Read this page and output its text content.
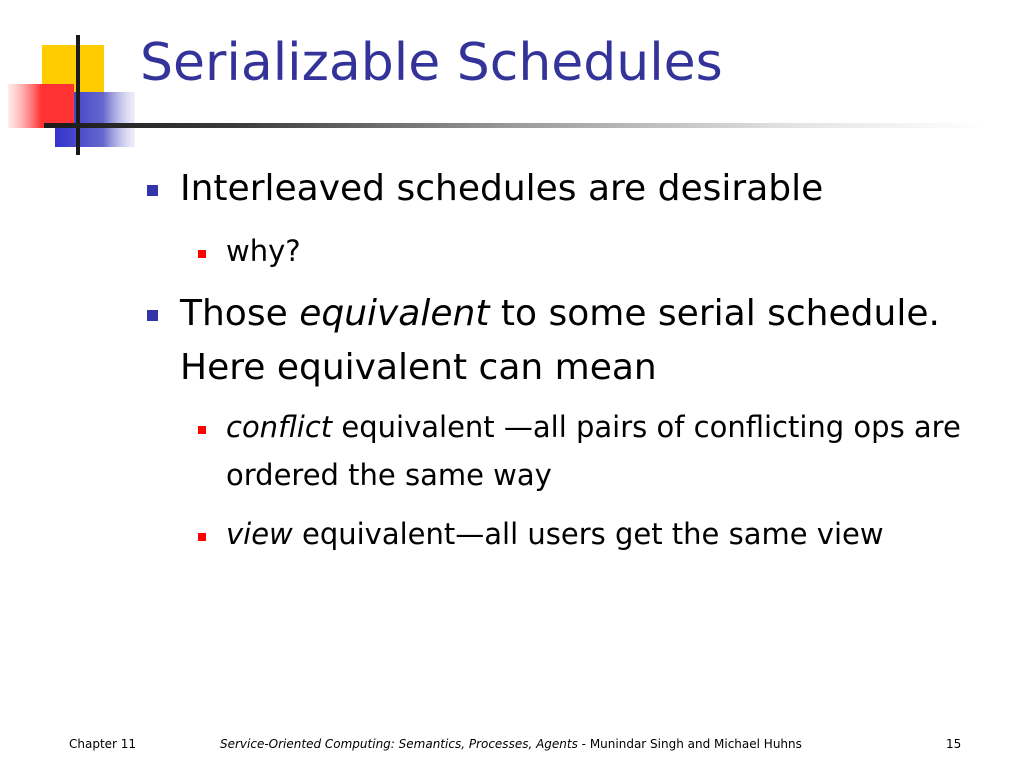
Serializable Schedules
Interleaved schedules are desirable
why?
Those equivalent to some serial schedule. Here equivalent can mean
conflict equivalent —all pairs of conflicting ops are ordered the same way
view equivalent—all users get the same view
Chapter 11	Service-Oriented Computing: Semantics, Processes, Agents - Munindar Singh and Michael Huhns	15
